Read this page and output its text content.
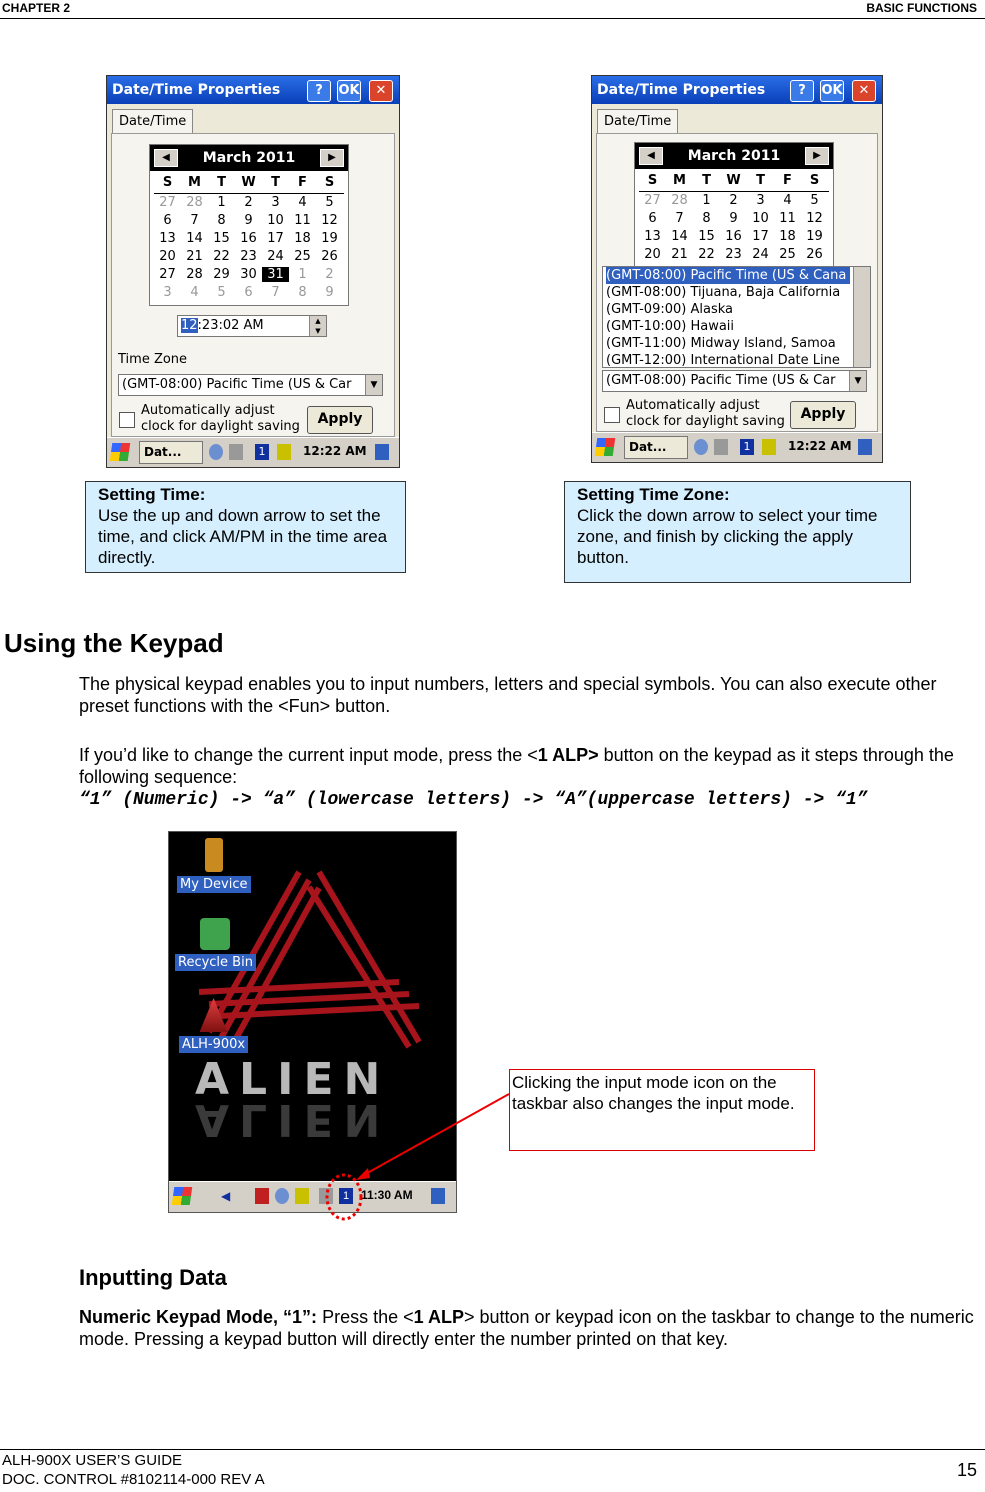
CHAPTER 2	BASIC FUNCTIONS
Date/Time Properties	?	OK	✕
Date/Time
March 2011
◀	▶
S	M	T	W	T	F	S
27 28	1	2	3	4	5
6	7	8	9	10 11 12
13 14 15 16 17 18 19
20 21 22 23 24 25 26
27 28 29 30 31	1	2
3	4	5	6	7	8	9
12:23:02 AM	▲
▼
Time Zone
(GMT-08:00) Pacific Time (US & Car	▼
Automatically adjust clock for daylight saving	Apply
Dat...	1	12:22 AM
Date/Time Properties	?	OK	✕
Date/Time
March 2011
◀	▶
S	M	T	W	T	F	S
27 28	1	2	3	4	5
6	7	8	9	10 11 12
13 14 15 16 17 18 19
20 21 22 23 24 25 26
(GMT-08:00) Pacific Time (US & Cana
(GMT-08:00) Tijuana, Baja California
(GMT-09:00) Alaska
(GMT-10:00) Hawaii
(GMT-11:00) Midway Island, Samoa
(GMT-12:00) International Date Line
(GMT-08:00) Pacific Time (US & Car	▼
Automatically adjust clock for daylight saving	Apply
Dat...	1	12:22 AM
Setting Time:
Use the up and down arrow to set the time, and click AM/PM in the time area directly.
Setting Time Zone:
Click the down arrow to select your time zone, and finish by clicking the apply button.
Using the Keypad
The physical keypad enables you to input numbers, letters and special symbols. You can also execute other preset functions with the <Fun> button.
If you’d like to change the current input mode, press the <1 ALP> button on the keypad as it steps through the following sequence:
“1” (Numeric) -> “a” (lowercase letters) -> “A”(uppercase letters) -> “1”
My Device
Recycle Bin
ALH-900x
ALIEN
ALIEN
◀	1 11:30 AM
Clicking the input mode icon on the taskbar also changes the input mode.
Inputting Data
Numeric Keypad Mode, “1”: Press the <1 ALP> button or keypad icon on the taskbar to change to the numeric mode. Pressing a keypad button will directly enter the number printed on that key.
ALH-900X USER’S GUIDE
DOC. CONTROL #8102114-000 REV A	15
